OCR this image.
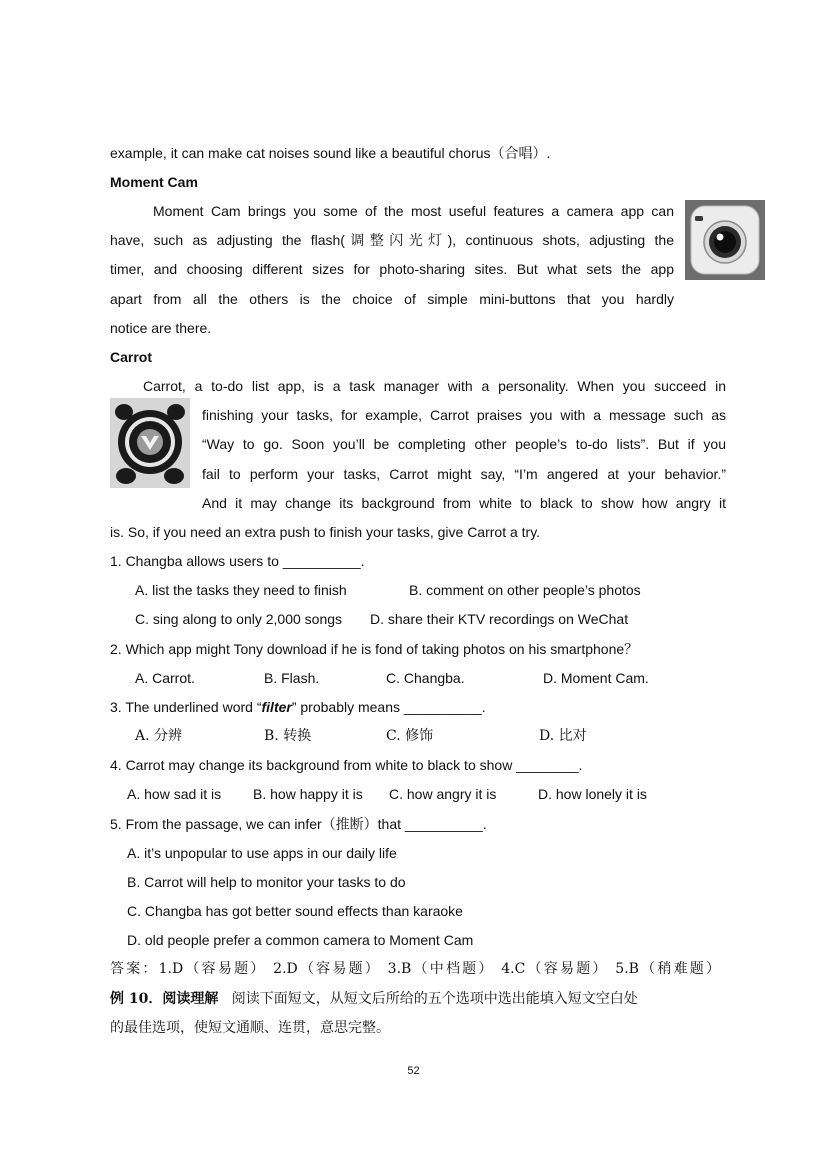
example, it can make cat noises sound like a beautiful chorus（合唱）.
Moment Cam
Moment Cam brings you some of the most useful features a camera app can
have, such as adjusting the flash(调整闪光灯), continuous shots, adjusting the
timer, and choosing different sizes for photo-sharing sites. But what sets the app
apart from all the others is the choice of simple mini-buttons that you hardly
notice are there.
Carrot
Carrot, a to-do list app, is a task manager with a personality. When you succeed in
finishing your tasks, for example, Carrot praises you with a message such as
“Way to go. Soon you’ll be completing other people’s to-do lists”. But if you
fail to perform your tasks, Carrot might say, “I’m angered at your behavior.”
And it may change its background from white to black to show how angry it
is. So, if you need an extra push to finish your tasks, give Carrot a try.
1. Changba allows users to __________.
A. list the tasks they need to finish	B. comment on other people’s photos
C. sing along to only 2,000 songs D. share their KTV recordings on WeChat
2. Which app might Tony download if he is fond of taking photos on his smartphone？
A. Carrot.	B. Flash.	C. Changba.	D. Moment Cam.
3. The underlined word “filter” probably means __________.
A. 分辨	B. 转换	C. 修饰	D. 比对
4. Carrot may change its background from white to black to show ________.
A. how sad it is B. how happy it is C. how angry it is	D. how lonely it is
5. From the passage, we can infer（推断）that __________.
A. it’s unpopular to use apps in our daily life
B. Carrot will help to monitor your tasks to do
C. Changba has got better sound effects than karaoke
D. old people prefer a common camera to Moment Cam
答案：1.D（容易题） 2.D（容易题） 3.B（中档题） 4.C（容易题） 5.B（稍难题）
例 10．阅读理解 阅读下面短文，从短文后所给的五个选项中选出能填入短文空白处
的最佳选项，使短文通顺、连贯，意思完整。
52
